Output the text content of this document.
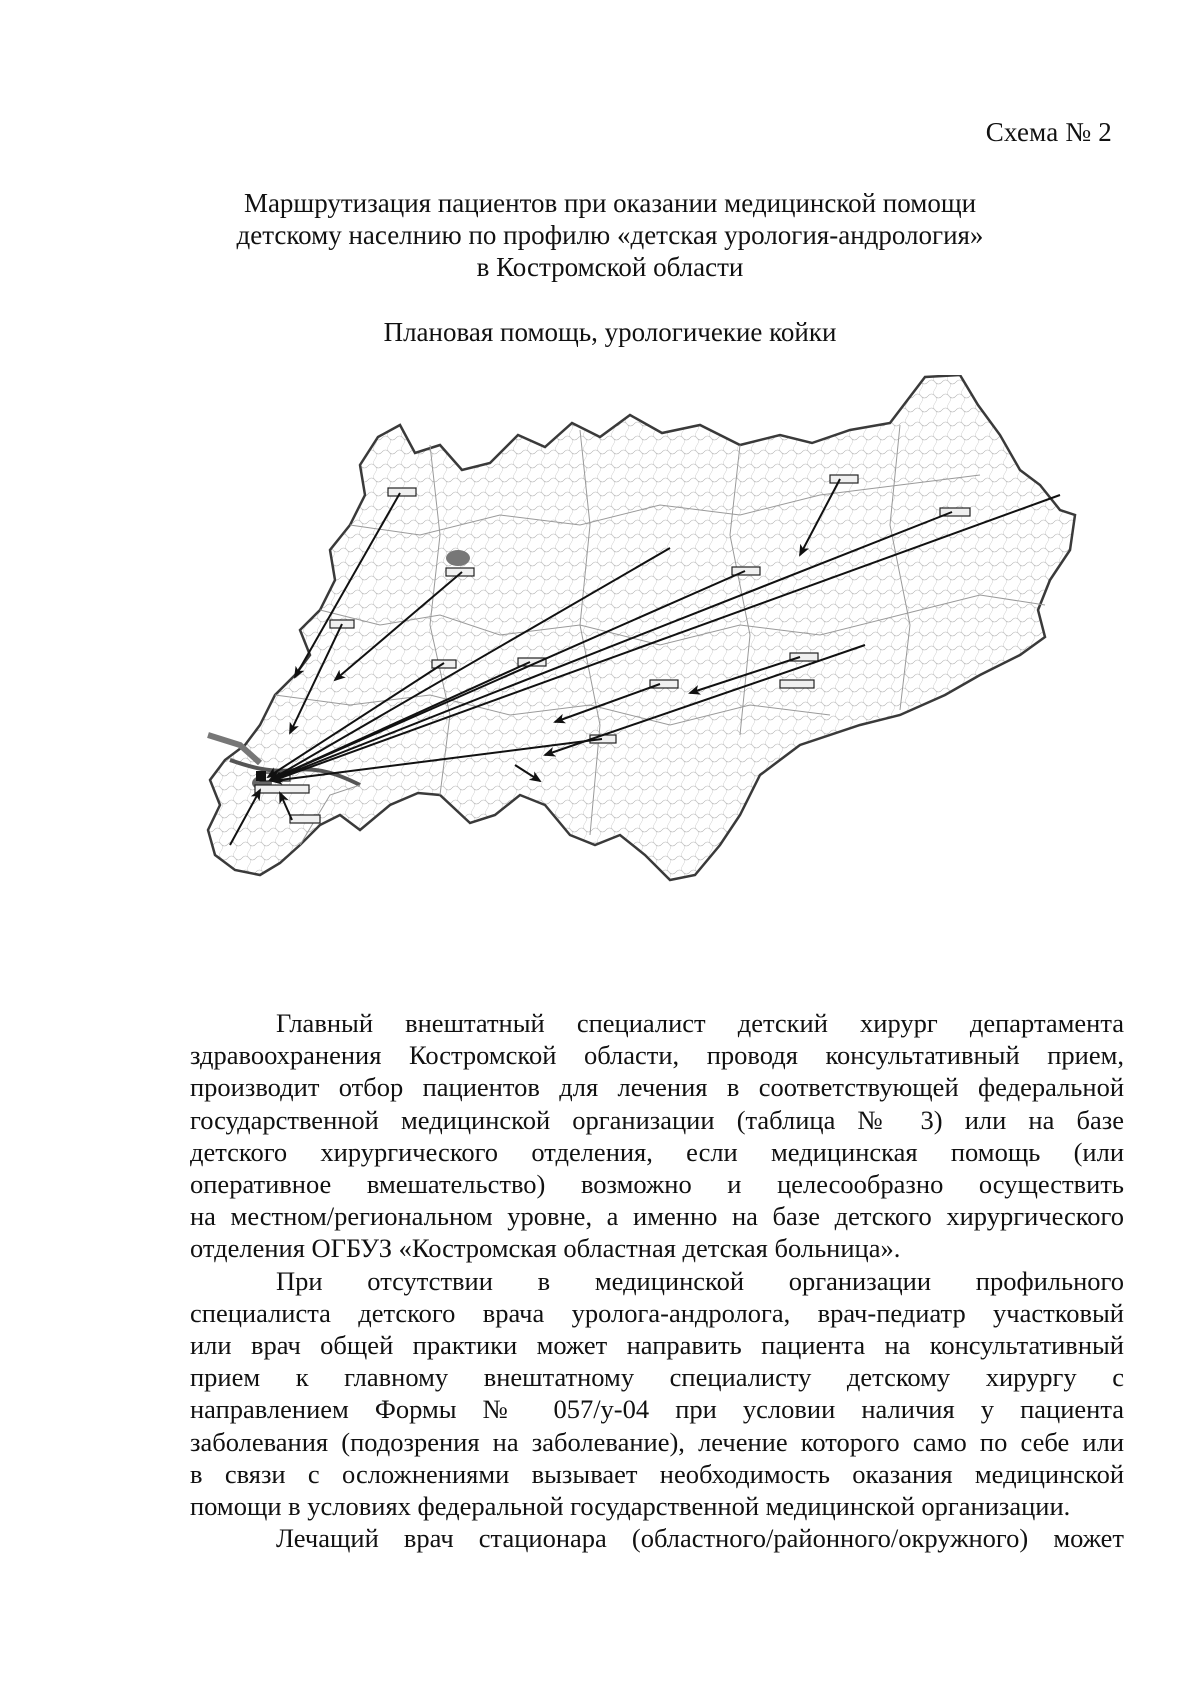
Схема № 2
Маршрутизация пациентов при оказании медицинской помощи
детскому населнию по профилю «детская урология-андрология»
в Костромской области
Плановая помощь, урологичекие койки

Главный внештатный специалист детский хирург департамента
здравоохранения Костромской области, проводя консультативный прием,
производит отбор пациентов для лечения в соответствующей федеральной
государственной медицинской организации (таблица № 3) или на базе
детского хирургического отделения, если медицинская помощь (или
оперативное вмешательство) возможно и целесообразно осуществить
на местном/региональном уровне, а именно на базе детского хирургического
отделения ОГБУЗ «Костромская областная детская больница».

При отсутствии в медицинской организации профильного
специалиста детского врача уролога-андролога, врач-педиатр участковый
или врач общей практики может направить пациента на консультативный
прием к главному внештатному специалисту детскому хирургу с
направлением Формы № 057/у-04 при условии наличия у пациента
заболевания (подозрения на заболевание), лечение которого само по себе или
в связи с осложнениями вызывает необходимость оказания медицинской
помощи в условиях федеральной государственной медицинской организации.

Лечащий врач стационара (областного/районного/окружного) может
